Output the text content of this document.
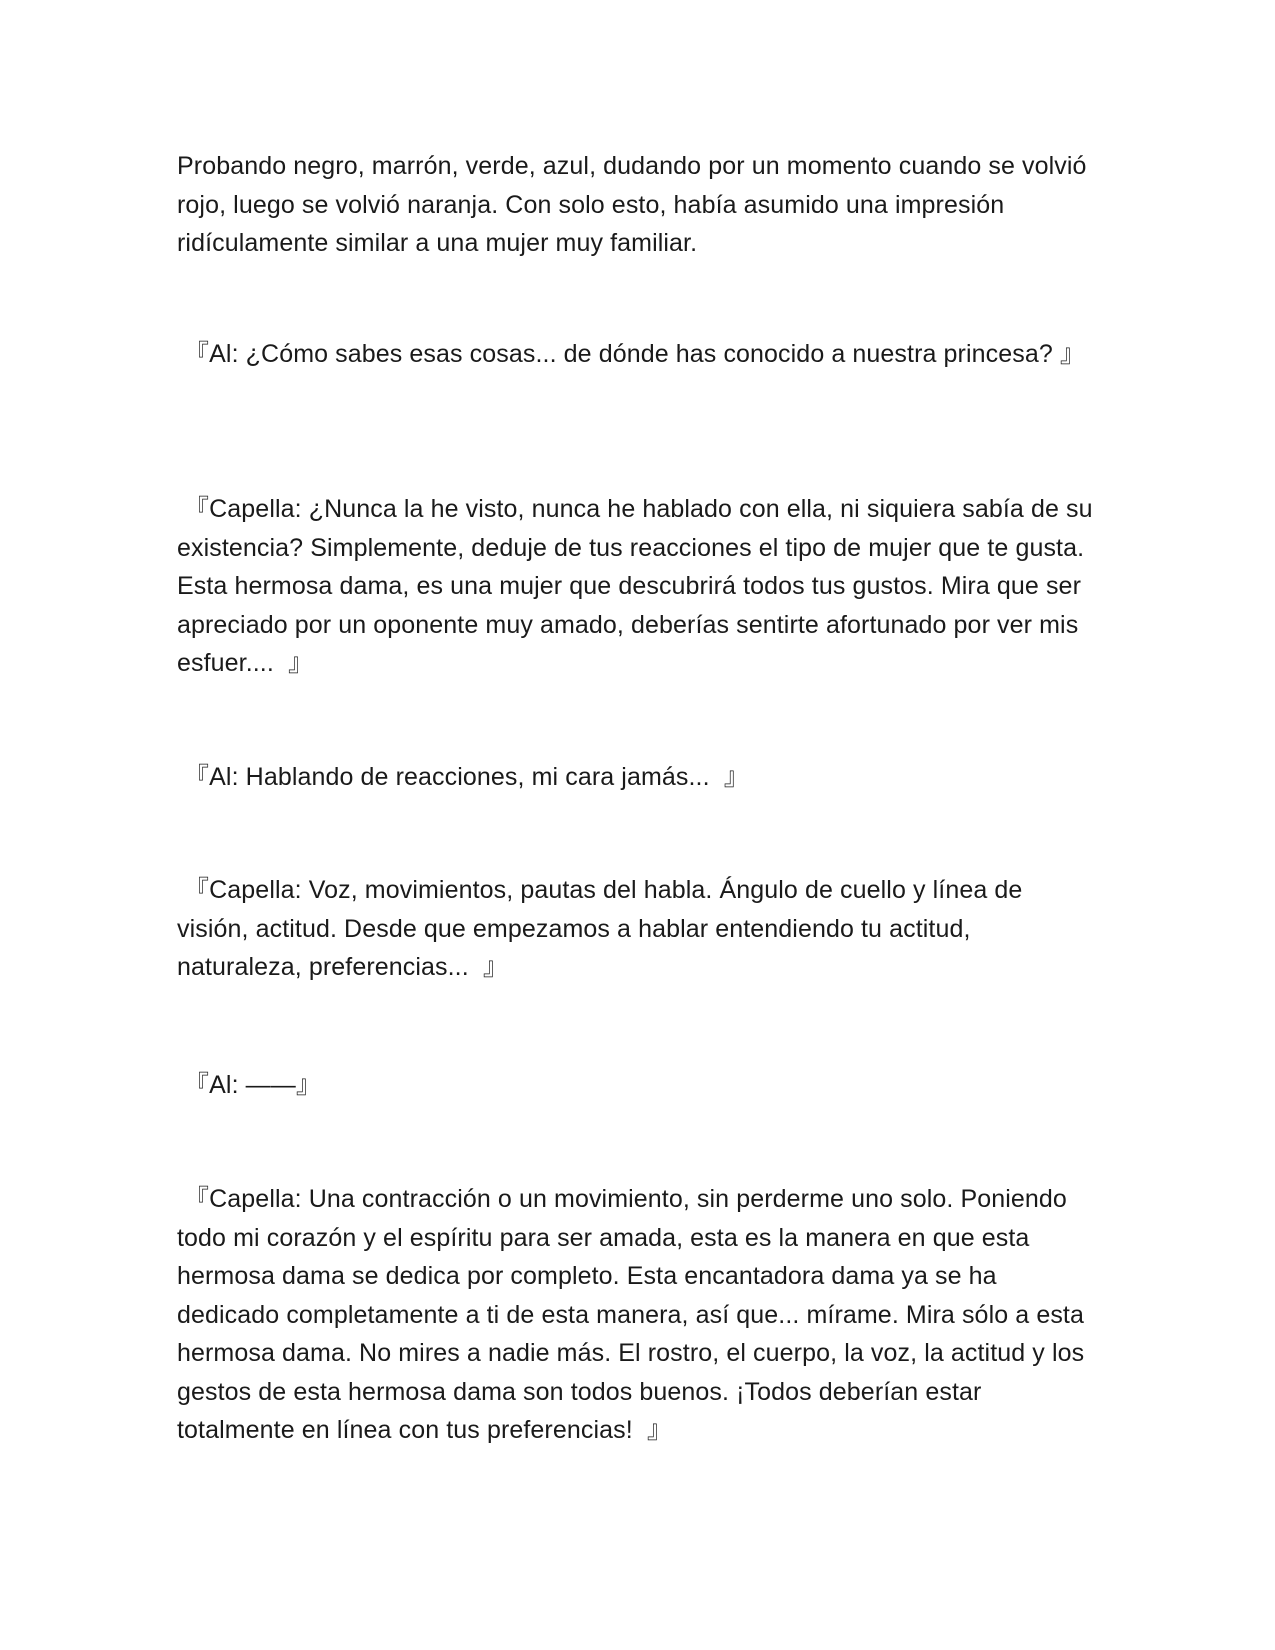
Probando negro, marrón, verde, azul, dudando por un momento cuando se volvió rojo, luego se volvió naranja. Con solo esto, había asumido una impresión ridículamente similar a una mujer muy familiar.

『Al: ¿Cómo sabes esas cosas... de dónde has conocido a nuestra princesa? 』

『Capella: ¿Nunca la he visto, nunca he hablado con ella, ni siquiera sabía de su existencia? Simplemente, deduje de tus reacciones el tipo de mujer que te gusta. Esta hermosa dama, es una mujer que descubrirá todos tus gustos. Mira que ser apreciado por un oponente muy amado, deberías sentirte afortunado por ver mis esfuer....  』

『Al: Hablando de reacciones, mi cara jamás...  』

『Capella: Voz, movimientos, pautas del habla. Ángulo de cuello y línea de visión, actitud. Desde que empezamos a hablar entendiendo tu actitud, naturaleza, preferencias...  』

『Al: ——』

『Capella: Una contracción o un movimiento, sin perderme uno solo. Poniendo todo mi corazón y el espíritu para ser amada, esta es la manera en que esta hermosa dama se dedica por completo. Esta encantadora dama ya se ha dedicado completamente a ti de esta manera, así que... mírame. Mira sólo a esta hermosa dama. No mires a nadie más. El rostro, el cuerpo, la voz, la actitud y los gestos de esta hermosa dama son todos buenos. ¡Todos deberían estar totalmente en línea con tus preferencias!  』
